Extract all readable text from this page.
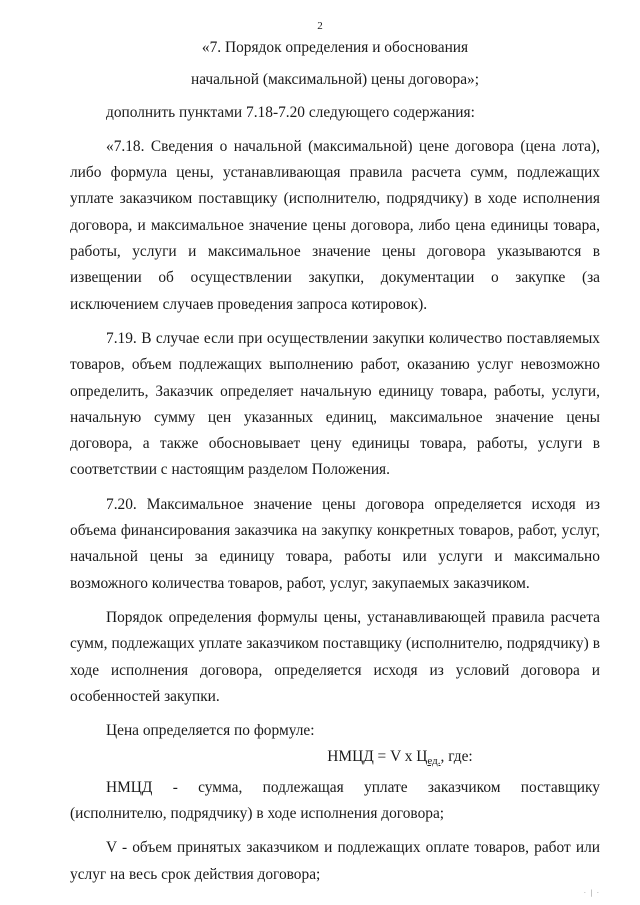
2

«7. Порядок определения и обоснования

начальной (максимальной) цены договора»;

дополнить пунктами 7.18-7.20 следующего содержания:

«7.18. Сведения о начальной (максимальной) цене договора (цена лота), либо формула цены, устанавливающая правила расчета сумм, подлежащих уплате заказчиком поставщику (исполнителю, подрядчику) в ходе исполнения договора, и максимальное значение цены договора, либо цена единицы товара, работы, услуги и максимальное значение цены договора указываются в извещении об осуществлении закупки, документации о закупке (за исключением случаев проведения запроса котировок).

7.19. В случае если при осуществлении закупки количество поставляемых товаров, объем подлежащих выполнению работ, оказанию услуг невозможно определить, Заказчик определяет начальную единицу товара, работы, услуги, начальную сумму цен указанных единиц, максимальное значение цены договора, а также обосновывает цену единицы товара, работы, услуги в соответствии с настоящим разделом Положения.

7.20. Максимальное значение цены договора определяется исходя из объема финансирования заказчика на закупку конкретных товаров, работ, услуг, начальной цены за единицу товара, работы или услуги и максимально возможного количества товаров, работ, услуг, закупаемых заказчиком.

Порядок определения формулы цены, устанавливающей правила расчета сумм, подлежащих уплате заказчиком поставщику (исполнителю, подрядчику) в ходе исполнения договора, определяется исходя из условий договора и особенностей закупки.

Цена определяется по формуле:

НМЦД = V x Цед., где:

НМЦД - сумма, подлежащая уплате заказчиком поставщику (исполнителю, подрядчику) в ходе исполнения договора;

V - объем принятых заказчиком и подлежащих оплате товаров, работ или услуг на весь срок действия договора;

· | ·
